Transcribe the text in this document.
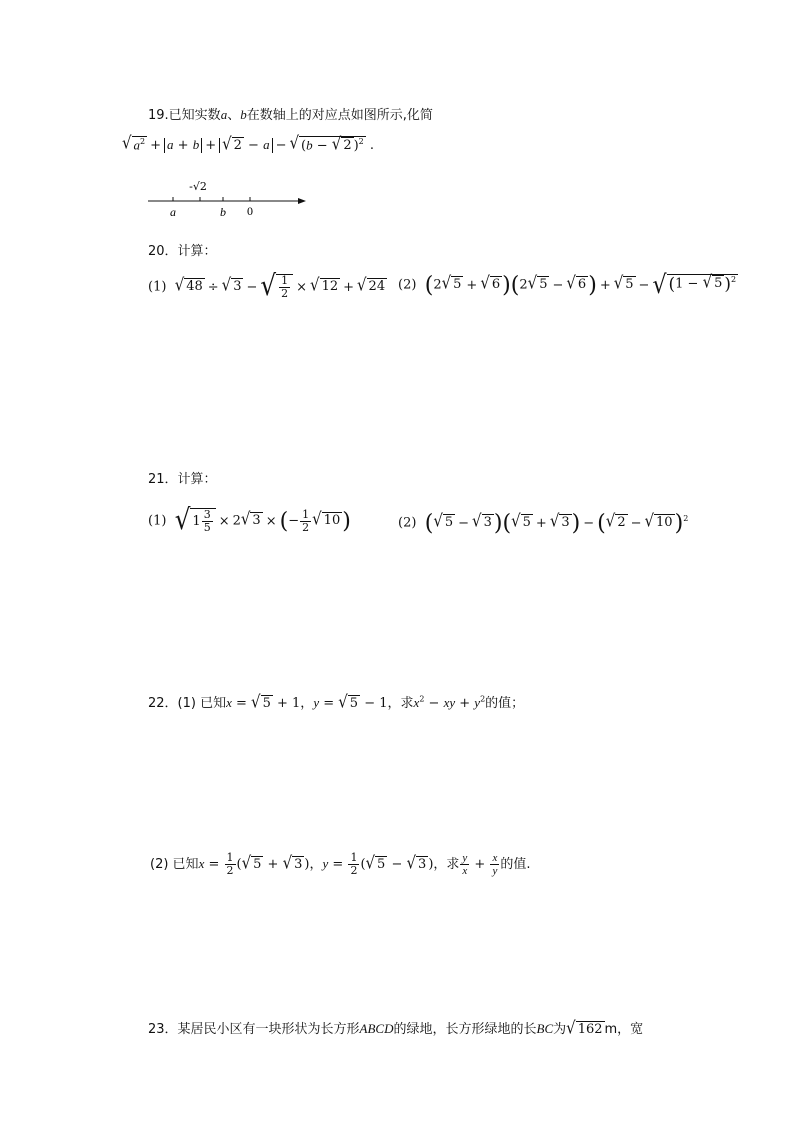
19.已知实数a、b在数轴上的对应点如图所示,化简
√ $a^2 + a + b$ + √ 2 − a − √ (b − √ 2 )$^2$ .
a
-√2
b 0
20．计算：
(1) √ 48 ÷ √ 3 − √ $\frac{1}{2}$ × √ 12 + √ 24 (2) (2 √ 5 + √ 6 )(2 √ 5 − √ 6 ) + √ 5 − √ (1 − √ 5 )$^2$
21．计算：
(1) √ $1 \frac{3}{5} \times 2$ √ 3 × (− $\frac{1}{2}$ √ 10 )	(2) ( √ 5 − √ 3 )( √ 5 + √ 3 ) − ( √ 2 − √ 10 )$^2$
22．(1) 已知x = √ 5 + 1，y = √ 5 − 1，求$x^2$ − xy + $y^2$的值；
(2) 已知$x = \frac{1}{2}$ ( √ 5 + √ 3 )，$y = \frac{1}{2}$ ( √ 5 − √ 3 )，求 $\frac{y}{x} + \frac{x}{y}$ 的值.
23．某居民小区有一块形状为长方形ABCD的绿地，长方形绿地的长BC为 √ 162 m，宽
